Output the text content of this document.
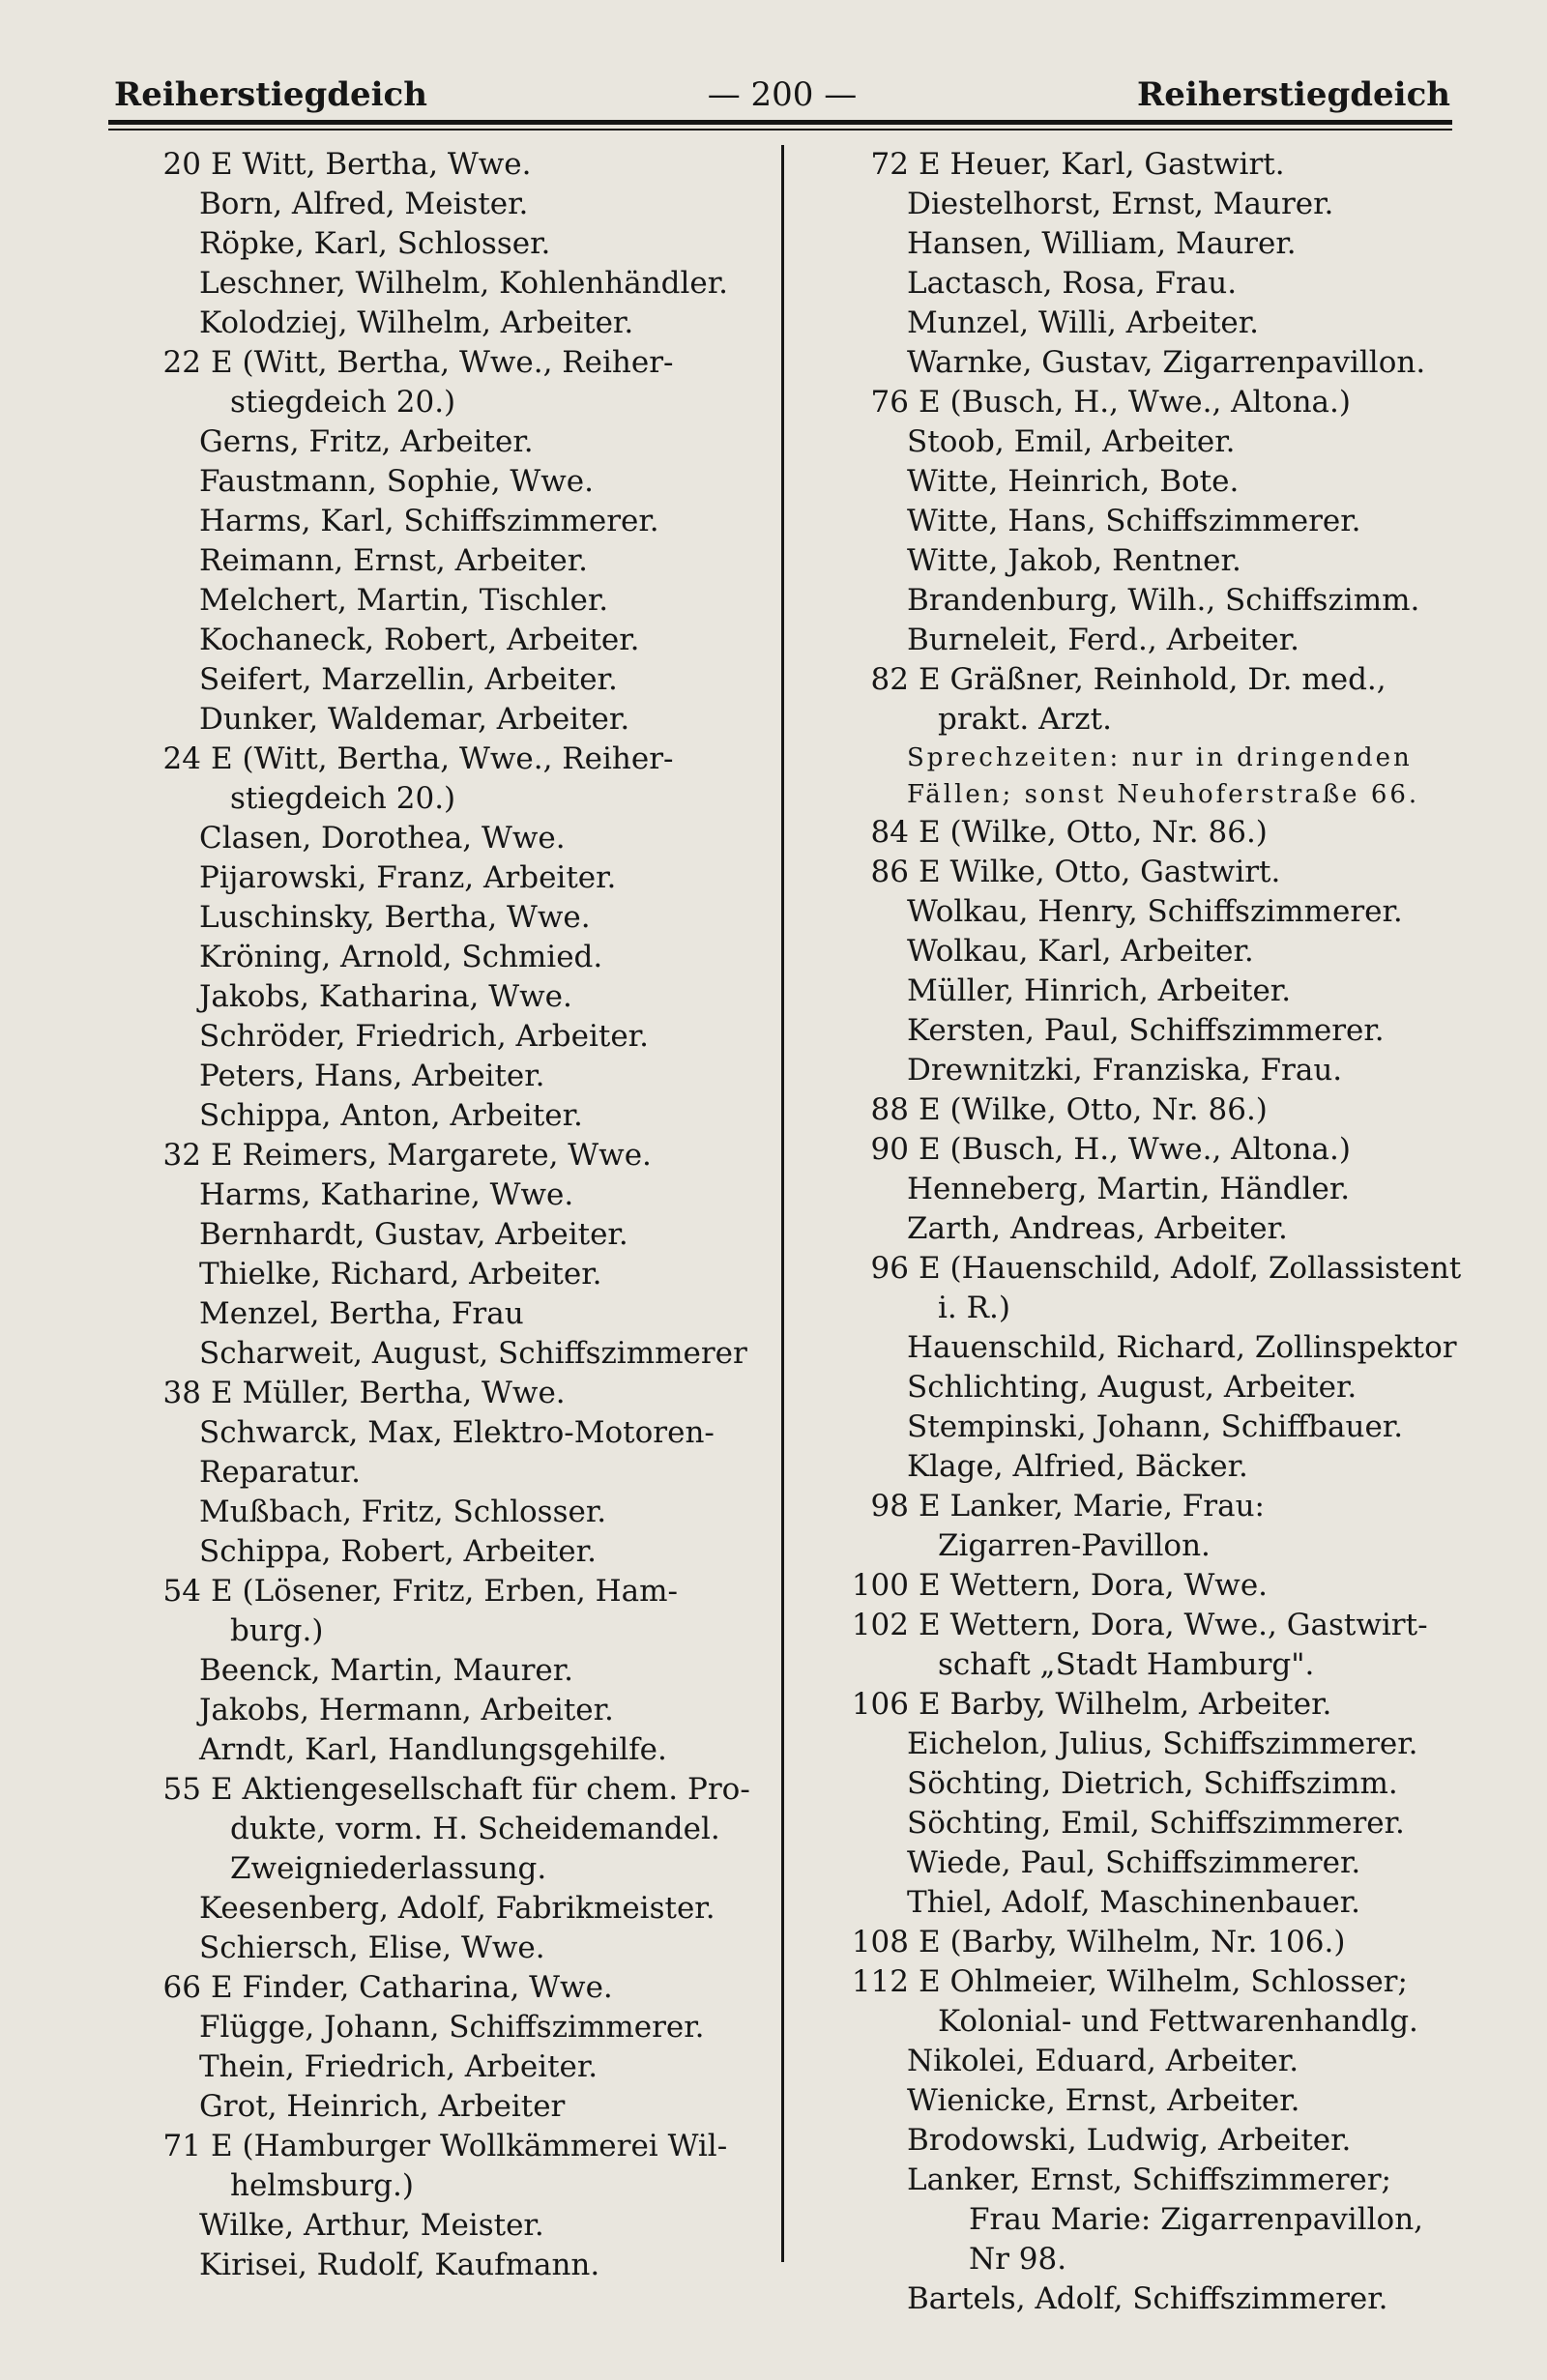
Reiherstiegdeich	— 200 —	Reiherstiegdeich
20 E Witt, Bertha, Wwe.
Born, Alfred, Meister.
Röpke, Karl, Schlosser.
Leschner, Wilhelm, Kohlenhändler.
Kolodziej, Wilhelm, Arbeiter.
22 E (Witt, Bertha, Wwe., Reiher-
stiegdeich 20.)
Gerns, Fritz, Arbeiter.
Faustmann, Sophie, Wwe.
Harms, Karl, Schiffszimmerer.
Reimann, Ernst, Arbeiter.
Melchert, Martin, Tischler.
Kochaneck, Robert, Arbeiter.
Seifert, Marzellin, Arbeiter.
Dunker, Waldemar, Arbeiter.
24 E (Witt, Bertha, Wwe., Reiher-
stiegdeich 20.)
Clasen, Dorothea, Wwe.
Pijarowski, Franz, Arbeiter.
Luschinsky, Bertha, Wwe.
Kröning, Arnold, Schmied.
Jakobs, Katharina, Wwe.
Schröder, Friedrich, Arbeiter.
Peters, Hans, Arbeiter.
Schippa, Anton, Arbeiter.
32 E Reimers, Margarete, Wwe.
Harms, Katharine, Wwe.
Bernhardt, Gustav, Arbeiter.
Thielke, Richard, Arbeiter.
Menzel, Bertha, Frau
Scharweit, August, Schiffszimmerer
38 E Müller, Bertha, Wwe.
Schwarck, Max, Elektro-Motoren-
Reparatur.
Mußbach, Fritz, Schlosser.
Schippa, Robert, Arbeiter.
54 E (Lösener, Fritz, Erben, Ham-
burg.)
Beenck, Martin, Maurer.
Jakobs, Hermann, Arbeiter.
Arndt, Karl, Handlungsgehilfe.
55 E Aktiengesellschaft für chem. Pro-
dukte, vorm. H. Scheidemandel.
Zweigniederlassung.
Keesenberg, Adolf, Fabrikmeister.
Schiersch, Elise, Wwe.
66 E Finder, Catharina, Wwe.
Flügge, Johann, Schiffszimmerer.
Thein, Friedrich, Arbeiter.
Grot, Heinrich, Arbeiter
71 E (Hamburger Wollkämmerei Wil-
helmsburg.)
Wilke, Arthur, Meister.
Kirisei, Rudolf, Kaufmann.
72 E Heuer, Karl, Gastwirt.
Diestelhorst, Ernst, Maurer.
Hansen, William, Maurer.
Lactasch, Rosa, Frau.
Munzel, Willi, Arbeiter.
Warnke, Gustav, Zigarrenpavillon.
76 E (Busch, H., Wwe., Altona.)
Stoob, Emil, Arbeiter.
Witte, Heinrich, Bote.
Witte, Hans, Schiffszimmerer.
Witte, Jakob, Rentner.
Brandenburg, Wilh., Schiffszimm.
Burneleit, Ferd., Arbeiter.
82 E Gräßner, Reinhold, Dr. med.,
prakt. Arzt.
Sprechzeiten: nur in dringenden
Fällen; sonst Neuhoferstraße 66.
84 E (Wilke, Otto, Nr. 86.)
86 E Wilke, Otto, Gastwirt.
Wolkau, Henry, Schiffszimmerer.
Wolkau, Karl, Arbeiter.
Müller, Hinrich, Arbeiter.
Kersten, Paul, Schiffszimmerer.
Drewnitzki, Franziska, Frau.
88 E (Wilke, Otto, Nr. 86.)
90 E (Busch, H., Wwe., Altona.)
Henneberg, Martin, Händler.
Zarth, Andreas, Arbeiter.
96 E (Hauenschild, Adolf, Zollassistent
i. R.)
Hauenschild, Richard, Zollinspektor
Schlichting, August, Arbeiter.
Stempinski, Johann, Schiffbauer.
Klage, Alfried, Bäcker.
98 E Lanker, Marie, Frau:
Zigarren-Pavillon.
100 E Wettern, Dora, Wwe.
102 E Wettern, Dora, Wwe., Gastwirt-
schaft „Stadt Hamburg".
106 E Barby, Wilhelm, Arbeiter.
Eichelon, Julius, Schiffszimmerer.
Söchting, Dietrich, Schiffszimm.
Söchting, Emil, Schiffszimmerer.
Wiede, Paul, Schiffszimmerer.
Thiel, Adolf, Maschinenbauer.
108 E (Barby, Wilhelm, Nr. 106.)
112 E Ohlmeier, Wilhelm, Schlosser;
Kolonial- und Fettwarenhandlg.
Nikolei, Eduard, Arbeiter.
Wienicke, Ernst, Arbeiter.
Brodowski, Ludwig, Arbeiter.
Lanker, Ernst, Schiffszimmerer;
Frau Marie: Zigarrenpavillon,
Nr 98.
Bartels, Adolf, Schiffszimmerer.
